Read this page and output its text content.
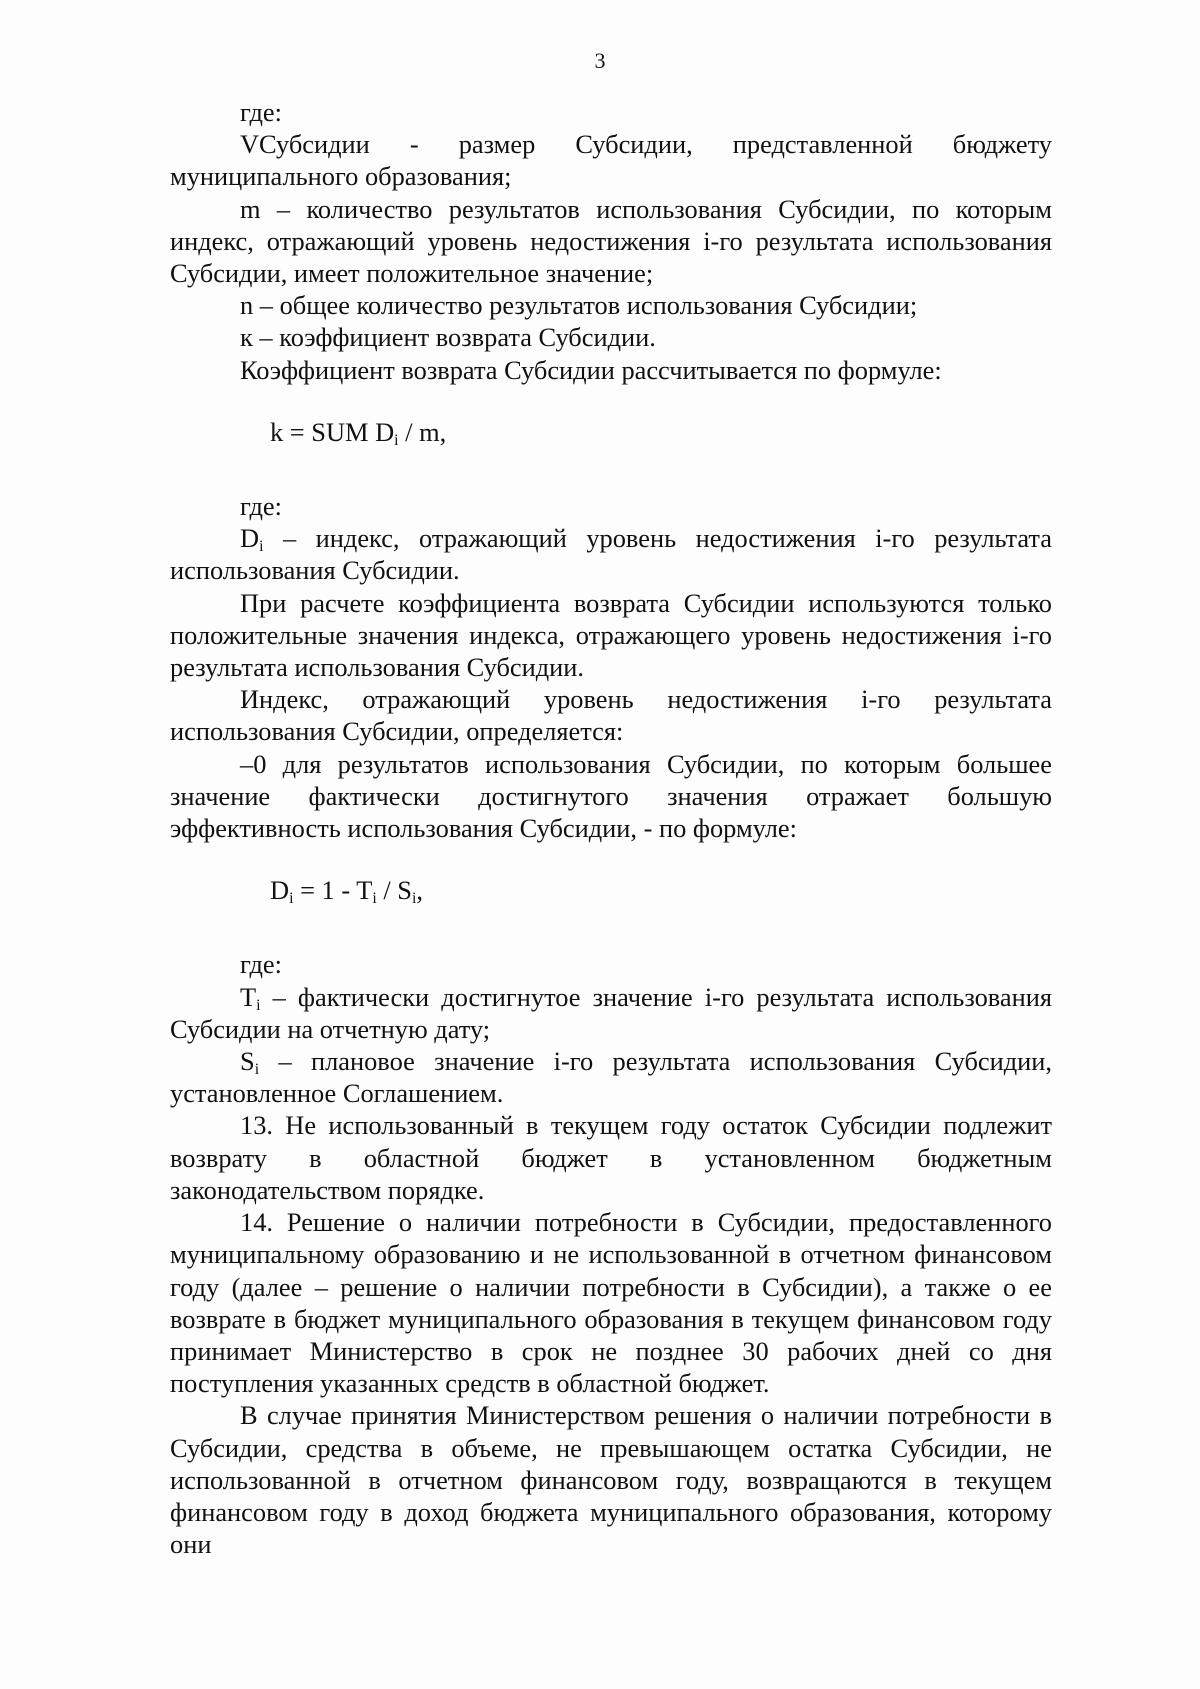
3

где:

VСубсидии - размер Субсидии, представленной бюджету муниципального образования;

m – количество результатов использования Субсидии, по которым индекс, отражающий уровень недостижения i-го результата использования Субсидии, имеет положительное значение;

n – общее количество результатов использования Субсидии;

к – коэффициент возврата Субсидии.

Коэффициент возврата Субсидии рассчитывается по формуле:

k = SUM $D_i$ / m,

где:

$D_i$ – индекс, отражающий уровень недостижения i-го результата использования Субсидии.

При расчете коэффициента возврата Субсидии используются только положительные значения индекса, отражающего уровень недостижения i-го результата использования Субсидии.

Индекс, отражающий уровень недостижения i-го результата использования Субсидии, определяется:

–0 для результатов использования Субсидии, по которым большее значение фактически достигнутого значения отражает большую эффективность использования Субсидии, - по формуле:

$D_i = 1 - T_i / S_i$,

где:

$T_i$ – фактически достигнутое значение i-го результата использования Субсидии на отчетную дату;

$S_i$ – плановое значение i-го результата использования Субсидии, установленное Соглашением.

13. Не использованный в текущем году остаток Субсидии подлежит возврату в областной бюджет в установленном бюджетным законодательством порядке.

14. Решение о наличии потребности в Субсидии, предоставленного муниципальному образованию и не использованной в отчетном финансовом году (далее – решение о наличии потребности в Субсидии), а также о ее возврате в бюджет муниципального образования в текущем финансовом году принимает Министерство в срок не позднее 30 рабочих дней со дня поступления указанных средств в областной бюджет.

В случае принятия Министерством решения о наличии потребности в Субсидии, средства в объеме, не превышающем остатка Субсидии, не использованной в отчетном финансовом году, возвращаются в текущем финансовом году в доход бюджета муниципального образования, которому они
